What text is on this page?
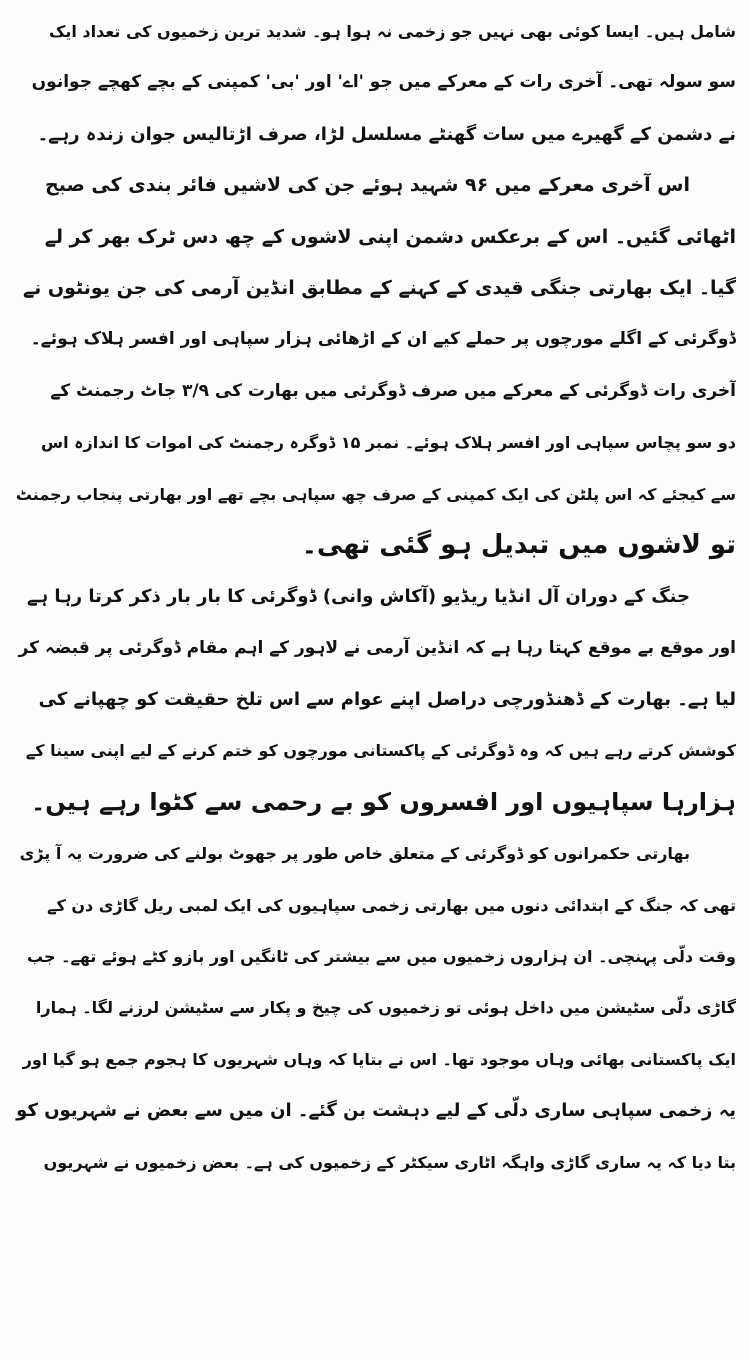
شامل ہیں۔ ایسا کوئی بھی نہیں جو زخمی نہ ہوا ہو۔ شدید ترین زخمیوں کی تعداد ایک
سو سولہ تھی۔ آخری رات کے معرکے میں جو 'اے' اور 'بی' کمپنی کے بچے کھچے جوانوں
نے دشمن کے گھیرے میں سات گھنٹے مسلسل لڑا، صرف اڑتالیس جوان زندہ رہے۔
اس آخری معرکے میں ۹۶ شہید ہوئے جن کی لاشیں فائر بندی کی صبح
اٹھائی گئیں۔ اس کے برعکس دشمن اپنی لاشوں کے چھ دس ٹرک بھر کر لے
گیا۔ ایک بھارتی جنگی قیدی کے کہنے کے مطابق انڈین آرمی کی جن یونٹوں نے
ڈوگرئی کے اگلے مورچوں پر حملے کیے ان کے اڑھائی ہزار سپاہی اور افسر ہلاک ہوئے۔
آخری رات ڈوگرئی کے معرکے میں صرف ڈوگرئی میں بھارت کی ۳/۹ جاٹ رجمنٹ کے
دو سو پچاس سپاہی اور افسر ہلاک ہوئے۔ نمبر ۱۵ ڈوگرہ رجمنٹ کی اموات کا اندازہ اس
سے کیجئے کہ اس پلٹن کی ایک کمپنی کے صرف چھ سپاہی بچے تھے اور بھارتی پنجاب رجمنٹ
تو لاشوں میں تبدیل ہو گئی تھی۔
جنگ کے دوران آل انڈیا ریڈیو (آکاش وانی) ڈوگرئی کا بار بار ذکر کرتا رہا ہے
اور موقع بے موقع کہتا رہا ہے کہ انڈین آرمی نے لاہور کے اہم مقام ڈوگرئی پر قبضہ کر
لیا ہے۔ بھارت کے ڈھنڈورچی دراصل اپنے عوام سے اس تلخ حقیقت کو چھپانے کی
کوشش کرتے رہے ہیں کہ وہ ڈوگرئی کے پاکستانی مورچوں کو ختم کرنے کے لیے اپنی سینا کے
ہزارہا سپاہیوں اور افسروں کو بے رحمی سے کٹوا رہے ہیں۔
بھارتی حکمرانوں کو ڈوگرئی کے متعلق خاص طور پر جھوٹ بولنے کی ضرورت یہ آ پڑی
تھی کہ جنگ کے ابتدائی دنوں میں بھارتی زخمی سپاہیوں کی ایک لمبی ریل گاڑی دن کے
وقت دلّی پہنچی۔ ان ہزاروں زخمیوں میں سے بیشتر کی ٹانگیں اور بازو کٹے ہوئے تھے۔ جب
گاڑی دلّی سٹیشن میں داخل ہوئی تو زخمیوں کی چیخ و پکار سے سٹیشن لرزنے لگا۔ ہمارا
ایک پاکستانی بھائی وہاں موجود تھا۔ اس نے بتایا کہ وہاں شہریوں کا ہجوم جمع ہو گیا اور
یہ زخمی سپاہی ساری دلّی کے لیے دہشت بن گئے۔ ان میں سے بعض نے شہریوں کو
بتا دیا کہ یہ ساری گاڑی واہگہ اٹاری سیکٹر کے زخمیوں کی ہے۔ بعض زخمیوں نے شہریوں
